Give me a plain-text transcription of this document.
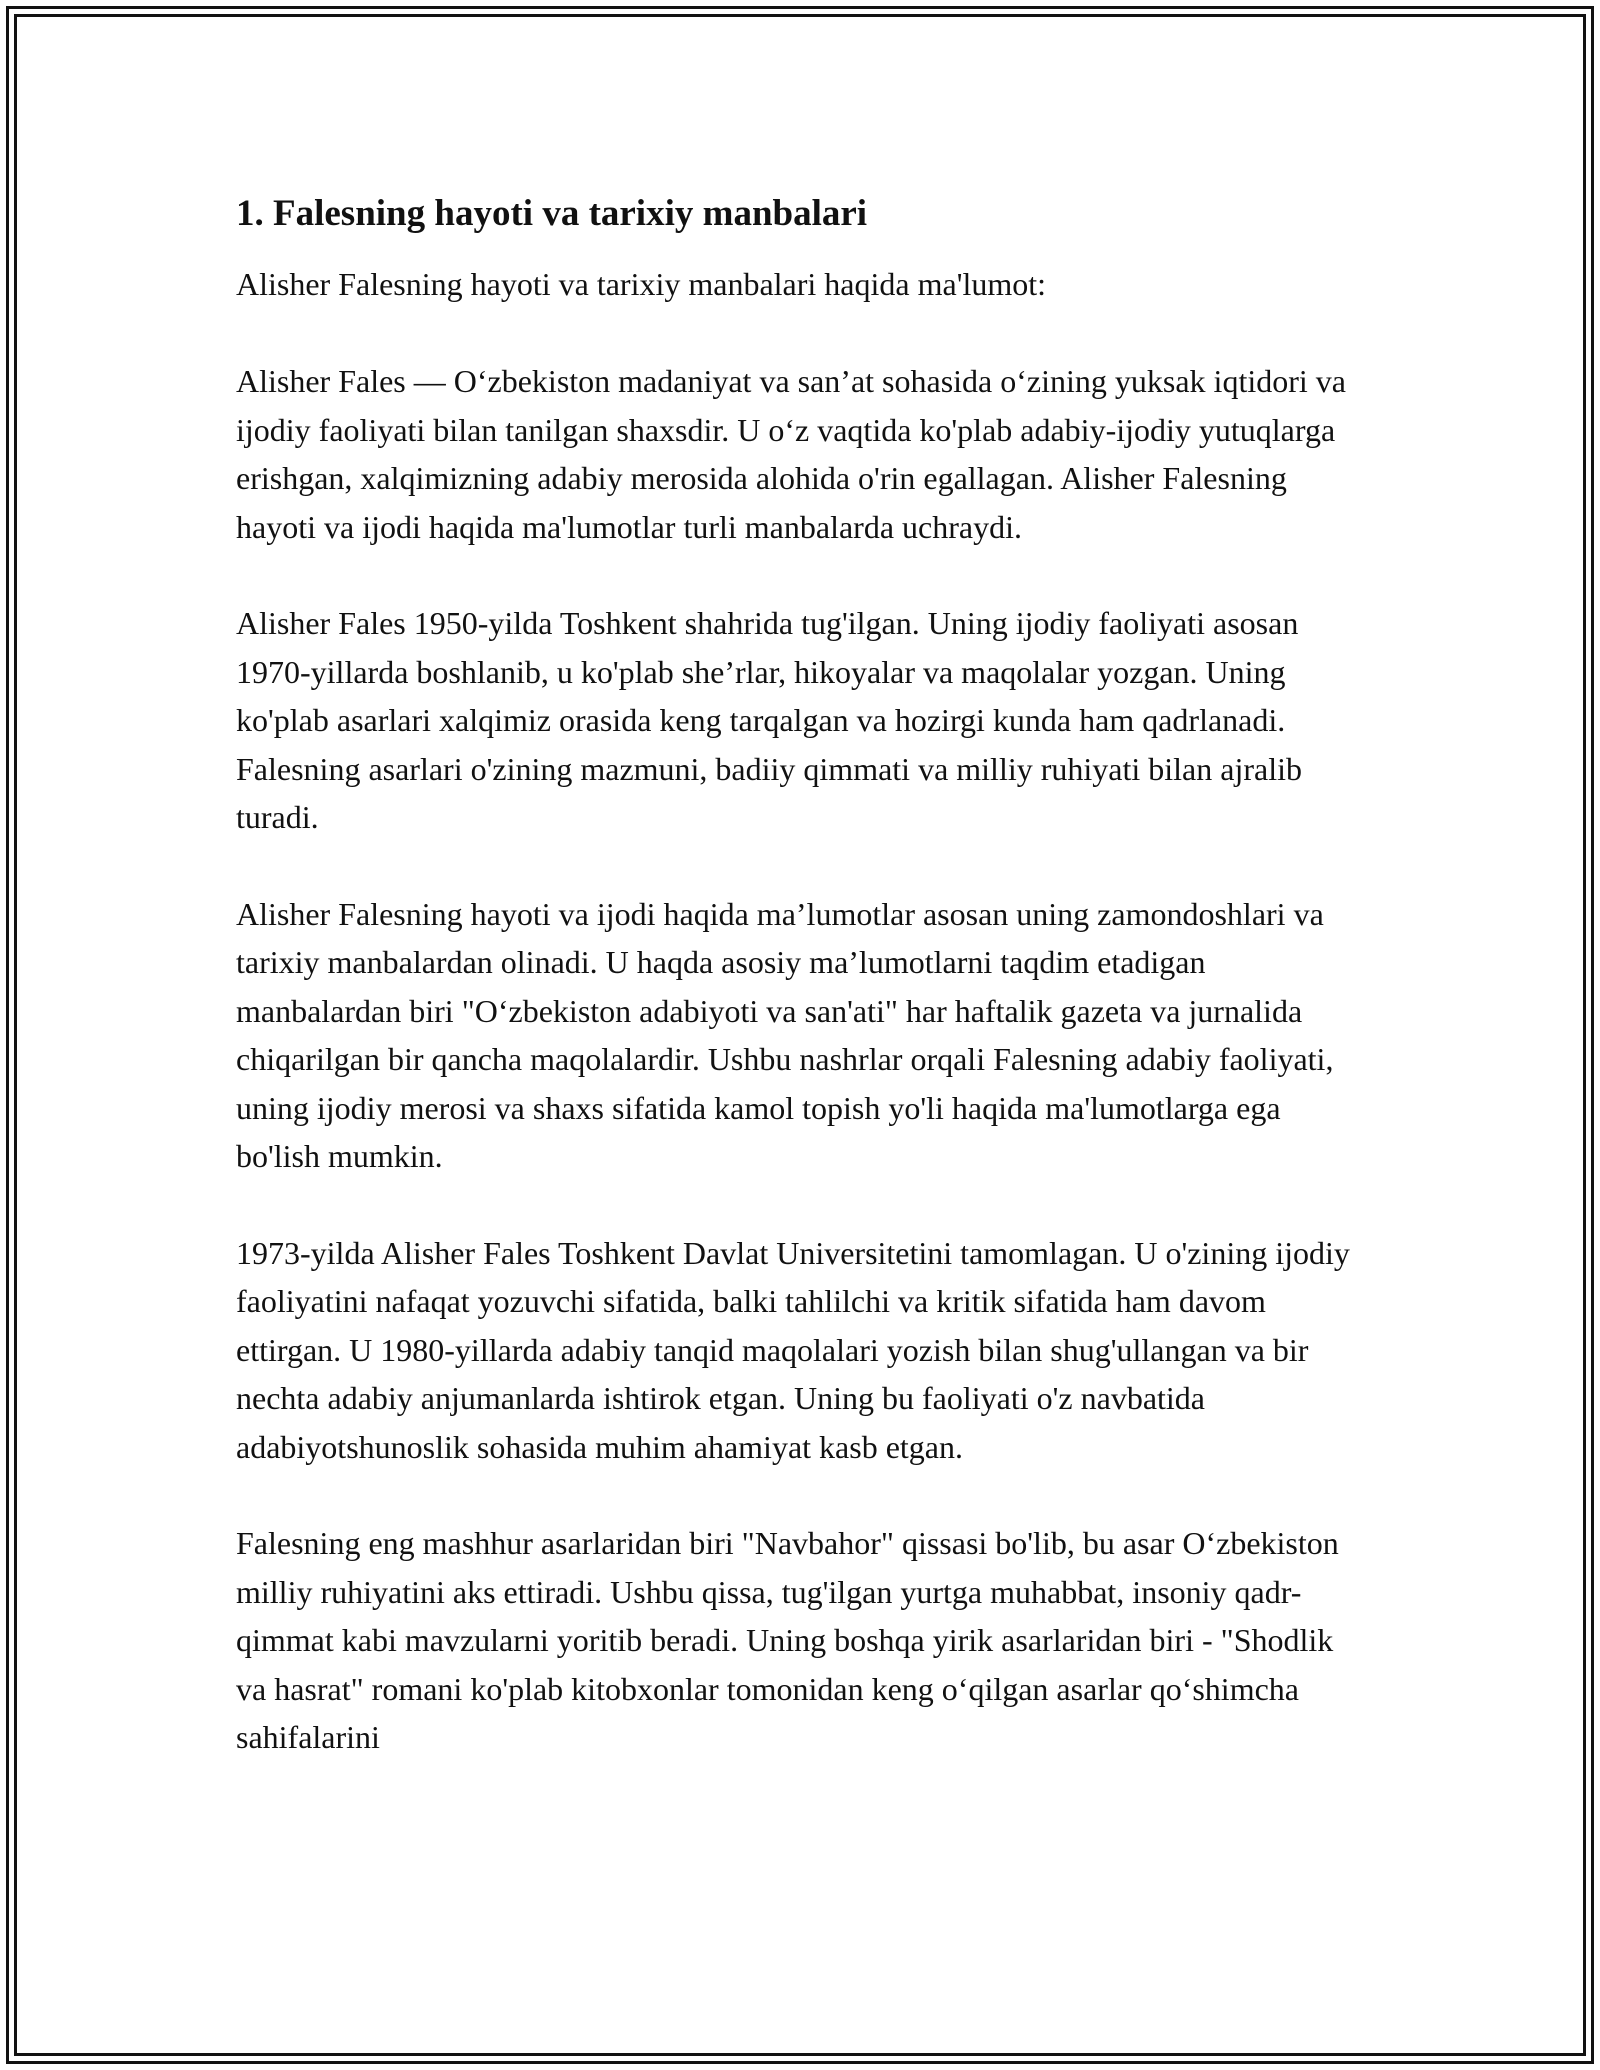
1. Falesning hayoti va tarixiy manbalari

Alisher Falesning hayoti va tarixiy manbalari haqida ma'lumot:

Alisher Fales — O‘zbekiston madaniyat va san’at sohasida o‘zining yuksak iqtidori va ijodiy faoliyati bilan tanilgan shaxsdir. U o‘z vaqtida ko'plab adabiy-ijodiy yutuqlarga erishgan, xalqimizning adabiy merosida alohida o'rin egallagan. Alisher Falesning hayoti va ijodi haqida ma'lumotlar turli manbalarda uchraydi.

Alisher Fales 1950-yilda Toshkent shahrida tug'ilgan. Uning ijodiy faoliyati asosan 1970-yillarda boshlanib, u ko'plab she’rlar, hikoyalar va maqolalar yozgan. Uning ko'plab asarlari xalqimiz orasida keng tarqalgan va hozirgi kunda ham qadrlanadi. Falesning asarlari o'zining mazmuni, badiiy qimmati va milliy ruhiyati bilan ajralib turadi.

Alisher Falesning hayoti va ijodi haqida ma’lumotlar asosan uning zamondoshlari va tarixiy manbalardan olinadi. U haqda asosiy ma’lumotlarni taqdim etadigan manbalardan biri "O‘zbekiston adabiyoti va san'ati" har haftalik gazeta va jurnalida chiqarilgan bir qancha maqolalardir. Ushbu nashrlar orqali Falesning adabiy faoliyati, uning ijodiy merosi va shaxs sifatida kamol topish yo'li haqida ma'lumotlarga ega bo'lish mumkin.

1973-yilda Alisher Fales Toshkent Davlat Universitetini tamomlagan. U o'zining ijodiy faoliyatini nafaqat yozuvchi sifatida, balki tahlilchi va kritik sifatida ham davom ettirgan. U 1980-yillarda adabiy tanqid maqolalari yozish bilan shug'ullangan va bir nechta adabiy anjumanlarda ishtirok etgan. Uning bu faoliyati o'z navbatida adabiyotshunoslik sohasida muhim ahamiyat kasb etgan.

Falesning eng mashhur asarlaridan biri "Navbahor" qissasi bo'lib, bu asar O‘zbekiston milliy ruhiyatini aks ettiradi. Ushbu qissa, tug'ilgan yurtga muhabbat, insoniy qadr-qimmat kabi mavzularni yoritib beradi. Uning boshqa yirik asarlaridan biri - "Shodlik va hasrat" romani ko'plab kitobxonlar tomonidan keng o‘qilgan asarlar qo‘shimcha sahifalarini
